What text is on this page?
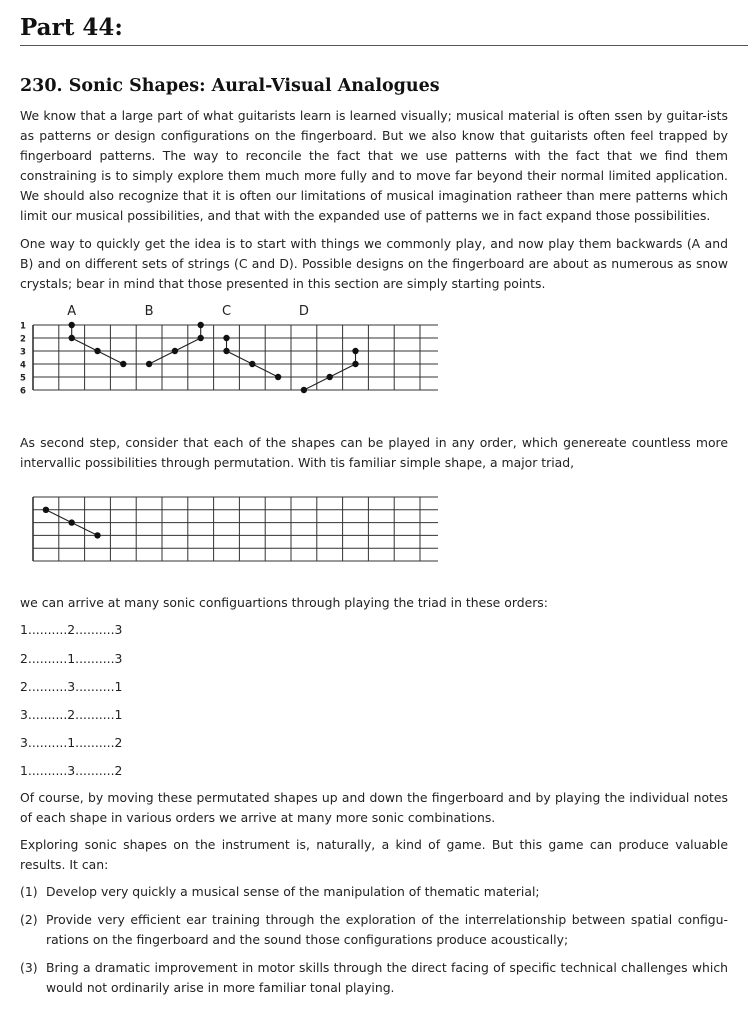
Part 44:
230. Sonic Shapes: Aural-Visual Analogues

We know that a large part of what guitarists learn is learned visually; musical material is often ssen by guitar-ists as patterns or design configurations on the fingerboard. But we also know that guitarists often feel trapped by fingerboard patterns. The way to reconcile the fact that we use patterns with the fact that we find them constraining is to simply explore them much more fully and to move far beyond their normal limited application. We should also recognize that it is often our limitations of musical imagination ratheer than mere patterns which limit our musical possibilities, and that with the expanded use of patterns we in fact expand those possibilities.

One way to quickly get the idea is to start with things we commonly play, and now play them backwards (A and B) and on different sets of strings (C and D). Possible designs on the fingerboard are about as numerous as snow crystals; bear in mind that those presented in this section are simply starting points.

A	B	C	D
1
2
3
4
5
6

As second step, consider that each of the shapes can be played in any order, which genereate countless more intervallic possibilities through permutation. With tis familiar simple shape, a major triad,

we can arrive at many sonic configuartions through playing the triad in these orders:

1..........2..........3
2..........1..........3
2..........3..........1
3..........2..........1
3..........1..........2
1..........3..........2

Of course, by moving these permutated shapes up and down the fingerboard and by playing the individual notes of each shape in various orders we arrive at many more sonic combinations.

Exploring sonic shapes on the instrument is, naturally, a kind of game. But this game can produce valuable results. It can:

(1) Develop very quickly a musical sense of the manipulation of thematic material;
(2) Provide very efficient ear training through the exploration of the interrelationship between spatial configu-rations on the fingerboard and the sound those configurations produce acoustically;
(3) Bring a dramatic improvement in motor skills through the direct facing of specific technical challenges which would not ordinarily arise in more familiar tonal playing.
